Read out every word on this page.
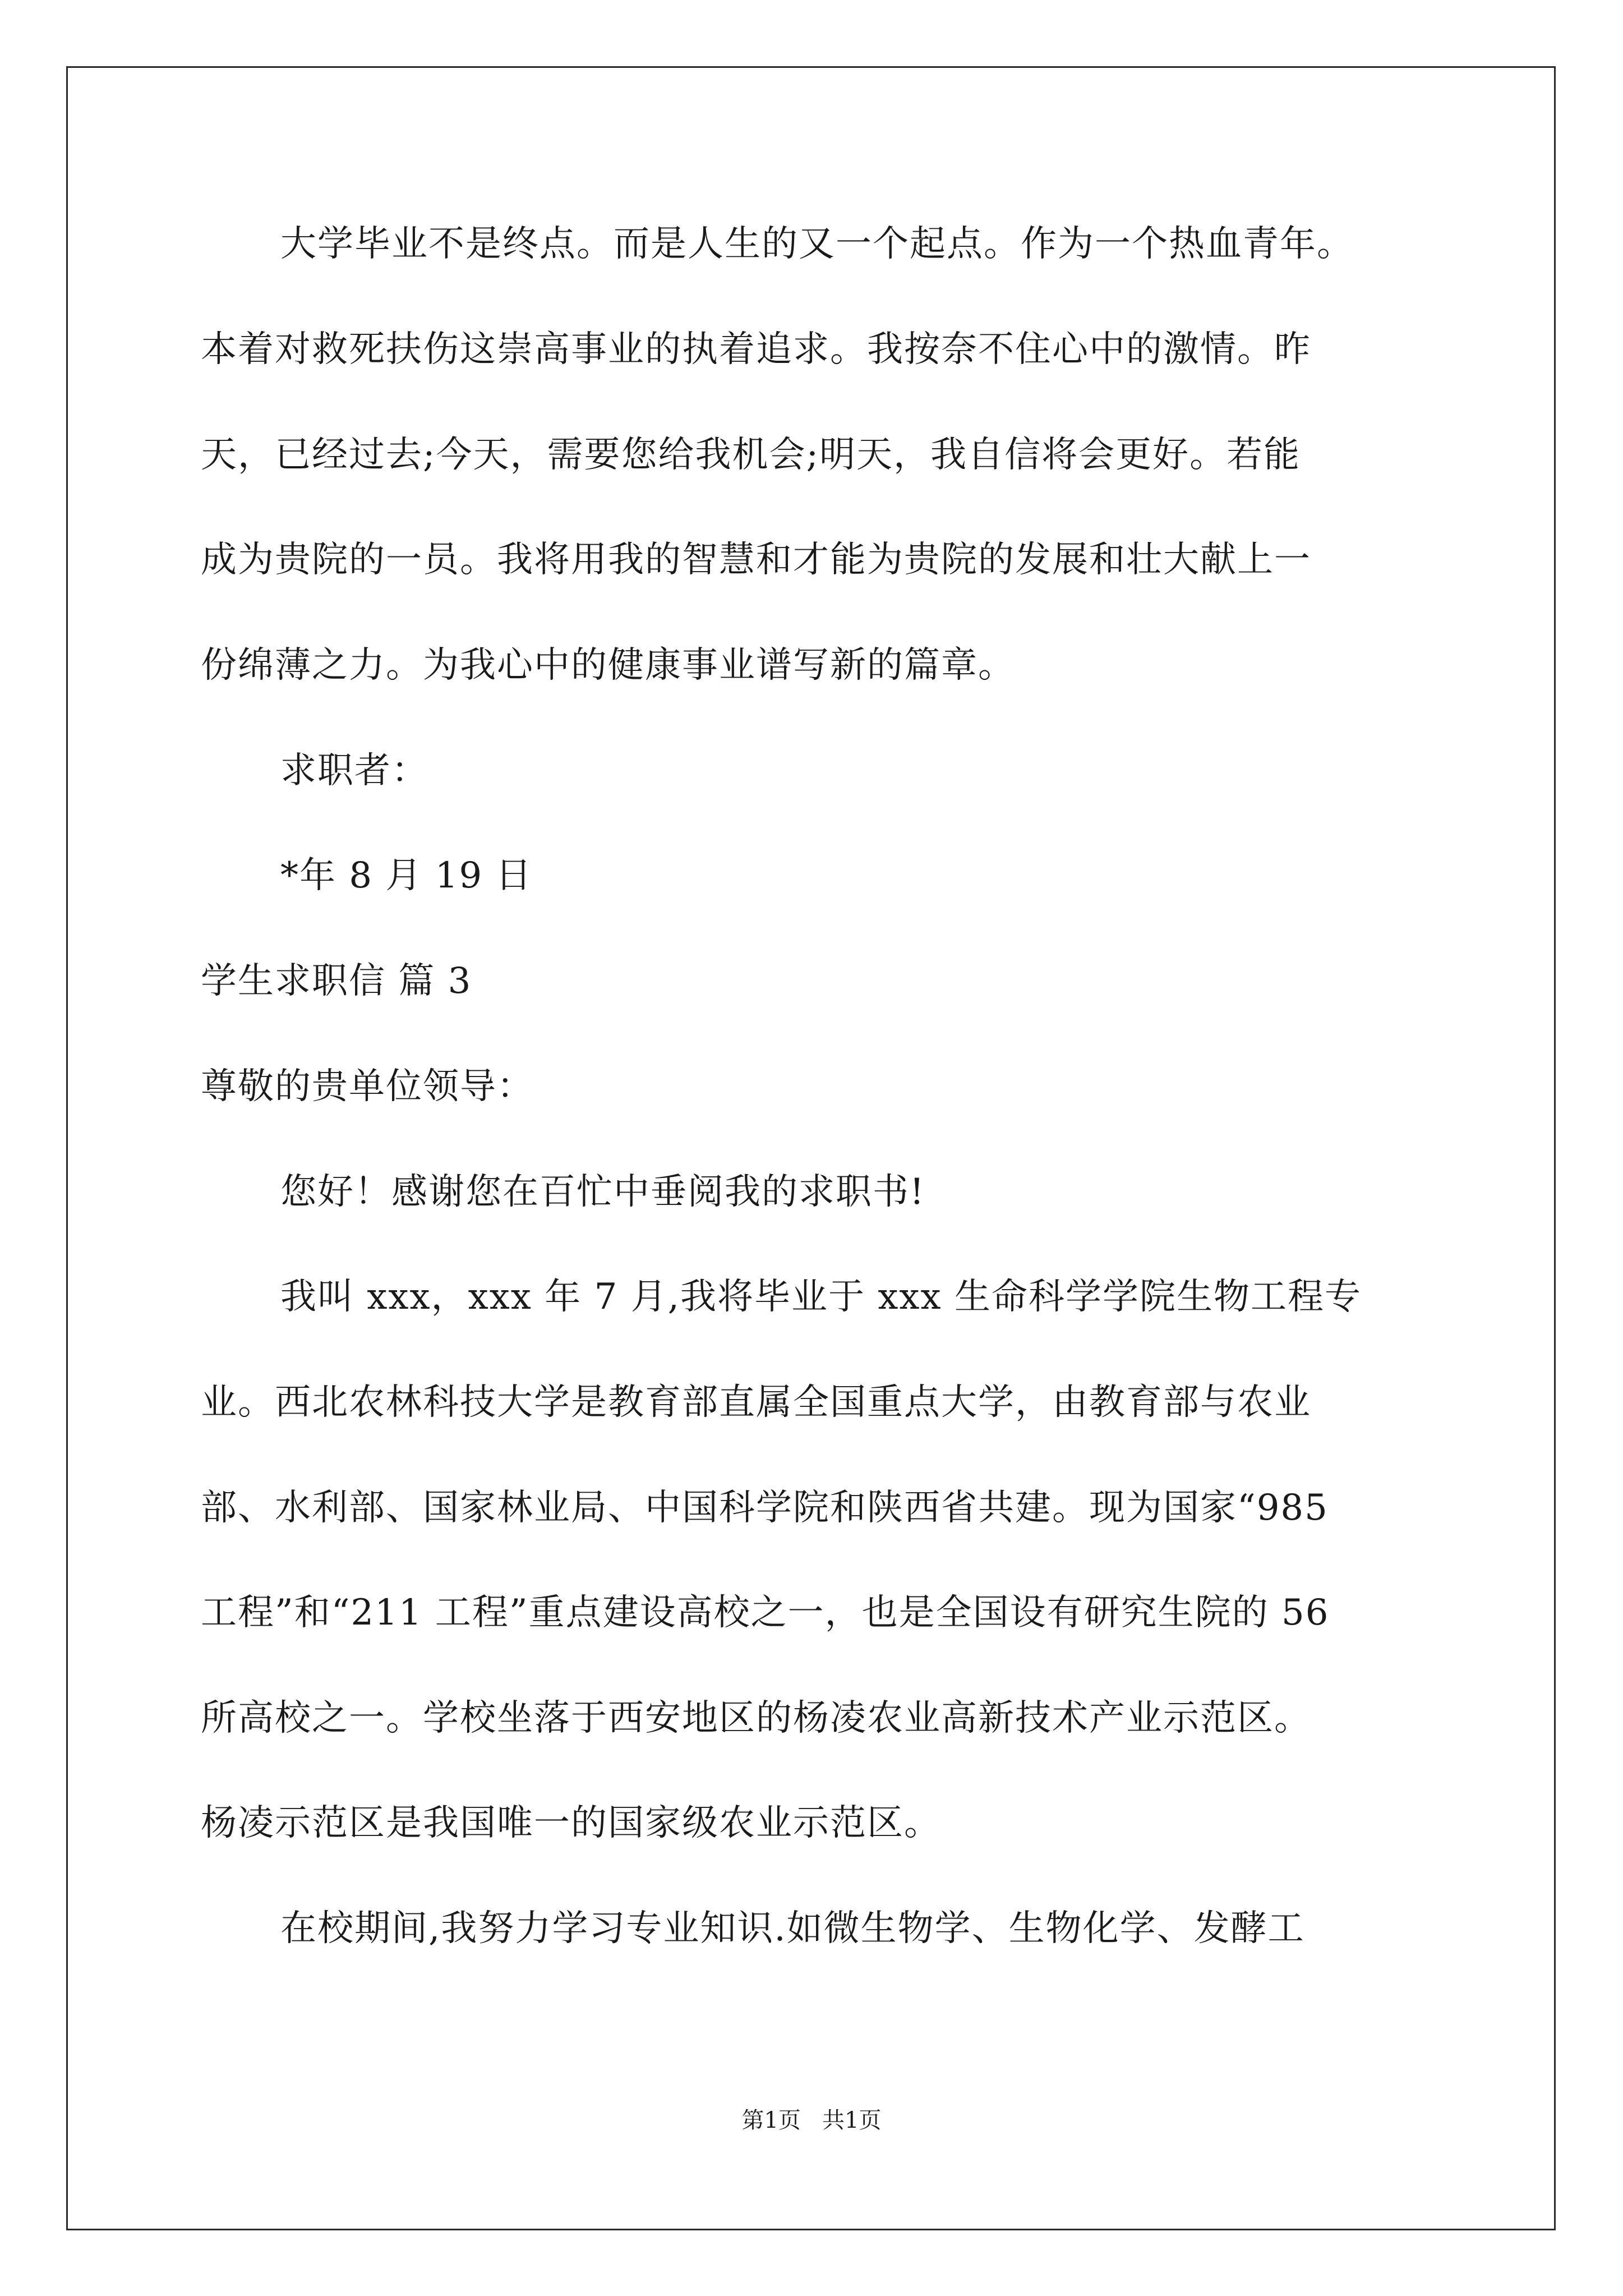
大学毕业不是终点。而是人生的又一个起点。作为一个热血青年。
本着对救死扶伤这崇高事业的执着追求。我按奈不住心中的激情。昨
天，已经过去;今天，需要您给我机会;明天，我自信将会更好。若能
成为贵院的一员。我将用我的智慧和才能为贵院的发展和壮大献上一
份绵薄之力。为我心中的健康事业谱写新的篇章。
求职者：
*年 8 月 19 日
学生求职信 篇 3
尊敬的贵单位领导：
您好！感谢您在百忙中垂阅我的求职书!
我叫 xxx，xxx 年 7 月,我将毕业于 xxx 生命科学学院生物工程专
业。西北农林科技大学是教育部直属全国重点大学，由教育部与农业
部、水利部、国家林业局、中国科学院和陕西省共建。现为国家“985
工程”和“211 工程”重点建设高校之一，也是全国设有研究生院的 56
所高校之一。学校坐落于西安地区的杨凌农业高新技术产业示范区。
杨凌示范区是我国唯一的国家级农业示范区。
在校期间,我努力学习专业知识.如微生物学、生物化学、发酵工
第1页   共1页
